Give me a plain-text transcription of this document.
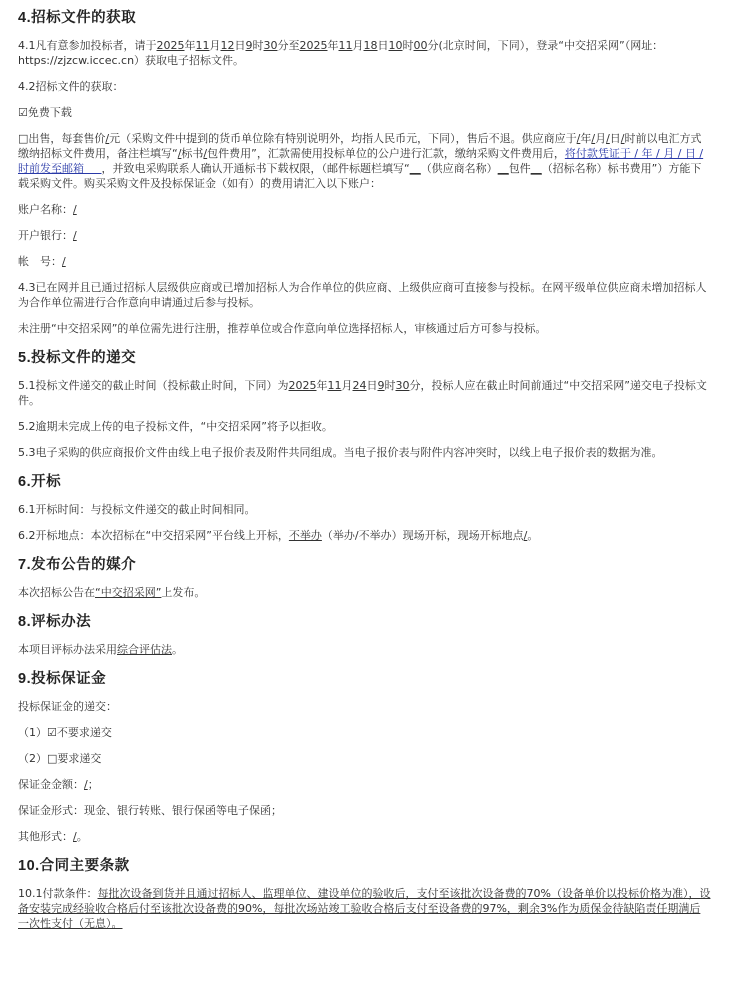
4.招标文件的获取

4.1凡有意参加投标者，请于2025年11月12日9时30分至2025年11月18日10时00分(北京时间，下同），登录“中交招采网”（网址：https://zjzcw.iccec.cn）获取电子招标文件。

4.2招标文件的获取：

☑免费下载

□出售，每套售价/元（采购文件中提到的货币单位除有特别说明外，均指人民币元，下同），售后不退。供应商应于/年/月/日/时前以电汇方式缴纳招标文件费用，备注栏填写“/标书/包件费用”，汇款需使用投标单位的公户进行汇款，缴纳采购文件费用后，将付款凭证于 / 年 / 月 / 日 / 时前发至邮箱 ，并致电采购联系人确认开通标书下载权限，（邮件标题栏填写“__（供应商名称）__包件__（招标名称）标书费用”）方能下载采购文件。购买采购文件及投标保证金（如有）的费用请汇入以下账户：

账户名称：/

开户银行：/

帐　号：/

4.3已在网并且已通过招标人层级供应商或已增加招标人为合作单位的供应商、上级供应商可直接参与投标。在网平级单位供应商未增加招标人为合作单位需进行合作意向申请通过后参与投标。

未注册“中交招采网”的单位需先进行注册，推荐单位或合作意向单位选择招标人，审核通过后方可参与投标。

5.投标文件的递交

5.1投标文件递交的截止时间（投标截止时间，下同）为2025年11月24日9时30分，投标人应在截止时间前通过“中交招采网”递交电子投标文件。

5.2逾期未完成上传的电子投标文件，“中交招采网”将予以拒收。

5.3电子采购的供应商报价文件由线上电子报价表及附件共同组成。当电子报价表与附件内容冲突时，以线上电子报价表的数据为准。

6.开标

6.1开标时间：与投标文件递交的截止时间相同。

6.2开标地点：本次招标在“中交招采网”平台线上开标，不举办（举办/不举办）现场开标，现场开标地点/。

7.发布公告的媒介

本次招标公告在“中交招采网”上发布。

8.评标办法

本项目评标办法采用综合评估法。

9.投标保证金

投标保证金的递交：

（1）☑不要求递交

（2）□要求递交

保证金金额：/；

保证金形式：现金、银行转账、银行保函等电子保函；

其他形式：/。

10.合同主要条款

10.1付款条件：每批次设备到货并且通过招标人、监理单位、建设单位的验收后，支付至该批次设备费的70%（设备单价以投标价格为准），设备安装完成经验收合格后付至该批次设备费的90%，每批次场站竣工验收合格后支付至设备费的97%，剩余3%作为质保金待缺陷责任期满后一次性支付（无息）。
